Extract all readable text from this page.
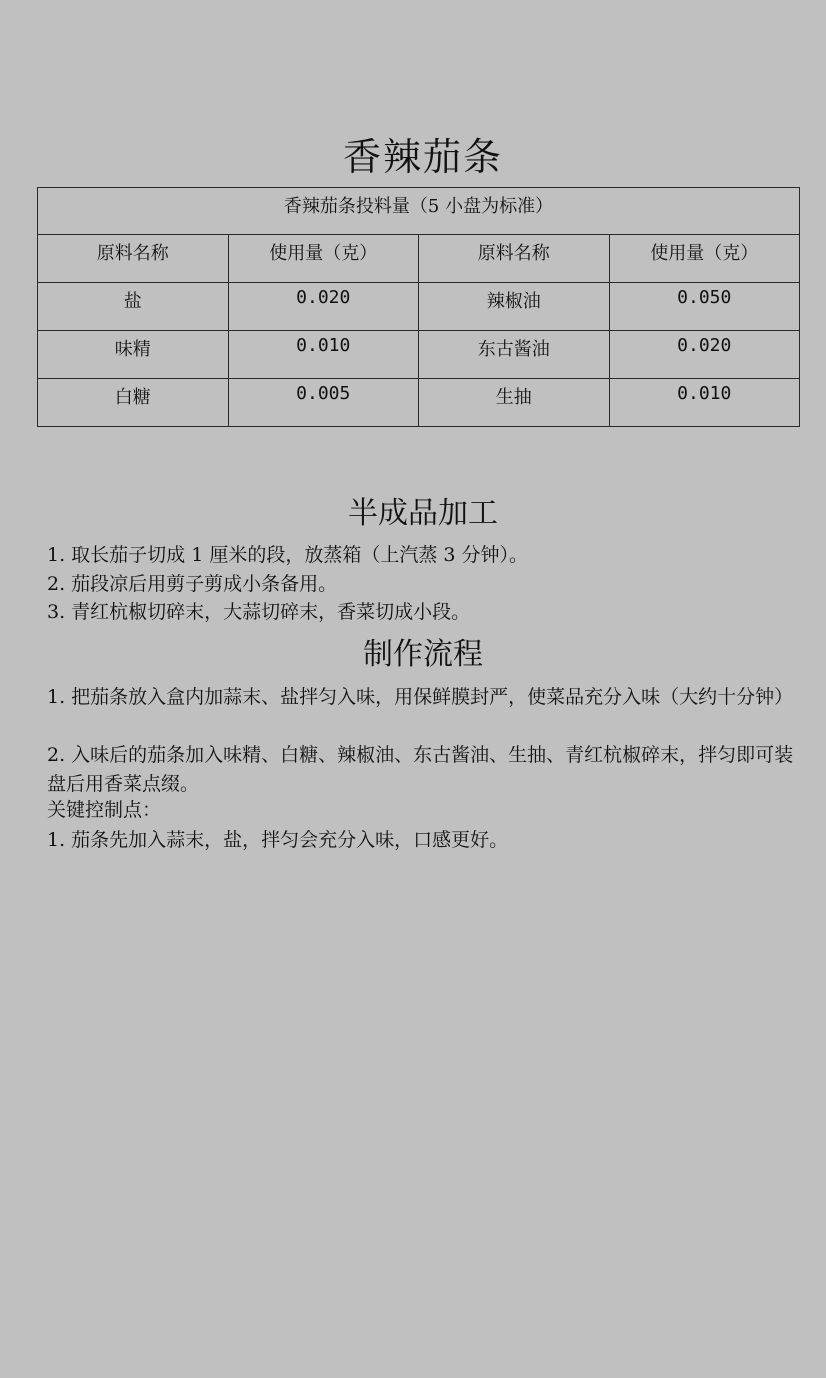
香辣茄条
香辣茄条投料量（5 小盘为标准）			
原料名称	使用量（克）	原料名称	使用量（克）
盐	0.020	辣椒油	0.050
味精	0.010	东古酱油	0.020
白糖	0.005	生抽	0.010
半成品加工

1. 取长茄子切成 1 厘米的段，放蒸箱（上汽蒸 3 分钟）。

2. 茄段凉后用剪子剪成小条备用。

3. 青红杭椒切碎末，大蒜切碎末，香菜切成小段。

制作流程

1. 把茄条放入盒内加蒜末、盐拌匀入味，用保鲜膜封严，使菜品充分入味（大约十分钟）

2. 入味后的茄条加入味精、白糖、辣椒油、东古酱油、生抽、青红杭椒碎末，拌匀即可装盘后用香菜点缀。

关键控制点：

1. 茄条先加入蒜末，盐，拌匀会充分入味，口感更好。
